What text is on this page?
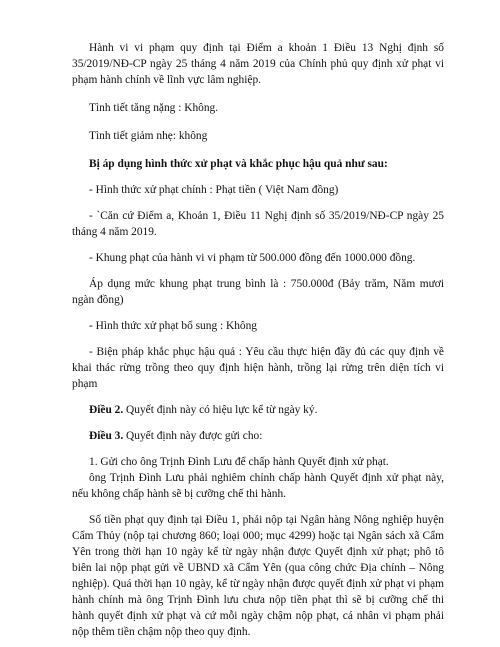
Hành vi vi phạm quy định tại Điểm a khoản 1 Điều 13 Nghị định số 35/2019/NĐ-CP ngày 25 tháng 4 năm 2019 của Chính phủ quy định xử phạt vi phạm hành chính về lĩnh vực lâm nghiệp.

Tình tiết tăng nặng : Không.

Tình tiết giảm nhẹ: không

Bị áp dụng hình thức xử phạt và khắc phục hậu quả như sau:

- Hình thức xử phạt chính : Phạt tiền ( Việt Nam đồng)

- `Căn cứ Điểm a, Khoản 1, Điều 11 Nghị định số 35/2019/NĐ-CP ngày 25 tháng 4 năm 2019.

- Khung phạt của hành vi vi phạm từ 500.000 đồng đến 1000.000 đồng.

Áp dụng mức khung phạt trung bình là : 750.000đ (Bảy trăm, Năm mươi ngàn đồng)

- Hình thức xử phạt bổ sung : Không

- Biện pháp khắc phục hậu quả : Yêu cầu thực hiện đầy đủ các quy định về khai thác rừng trồng theo quy định hiện hành, trồng lại rừng trên diện tích vi phạm

Điều 2. Quyết định này có hiệu lực kể từ ngày ký.

Điều 3. Quyết định này được gửi cho:

1. Gửi cho ông Trịnh Đình Lưu để chấp hành Quyết định xử phạt.

ông Trịnh Đình Lưu phải nghiêm chỉnh chấp hành Quyết định xử phạt này, nếu không chấp hành sẽ bị cưỡng chế thi hành.

Số tiền phạt quy định tại Điều 1, phải nộp tại Ngân hàng Nông nghiệp huyện Cẩm Thủy (nộp tại chương 860; loại 000; mục 4299) hoặc tại Ngân sách xã Cẩm Yên trong thời hạn 10 ngày kể từ ngày nhận được Quyết định xử phạt; phô tô biên lai nộp phạt gửi về UBND xã Cẩm Yên (qua công chức Địa chính – Nông nghiệp). Quá thời hạn 10 ngày, kể từ ngày nhận được quyết định xử phạt vi phạm hành chính mà ông Trịnh Đình lưu chưa nộp tiền phạt thì sẽ bị cưỡng chế thi hành quyết định xử phạt và cứ mỗi ngày chậm nộp phạt, cá nhân vi phạm phải nộp thêm tiền chậm nộp theo quy định.
